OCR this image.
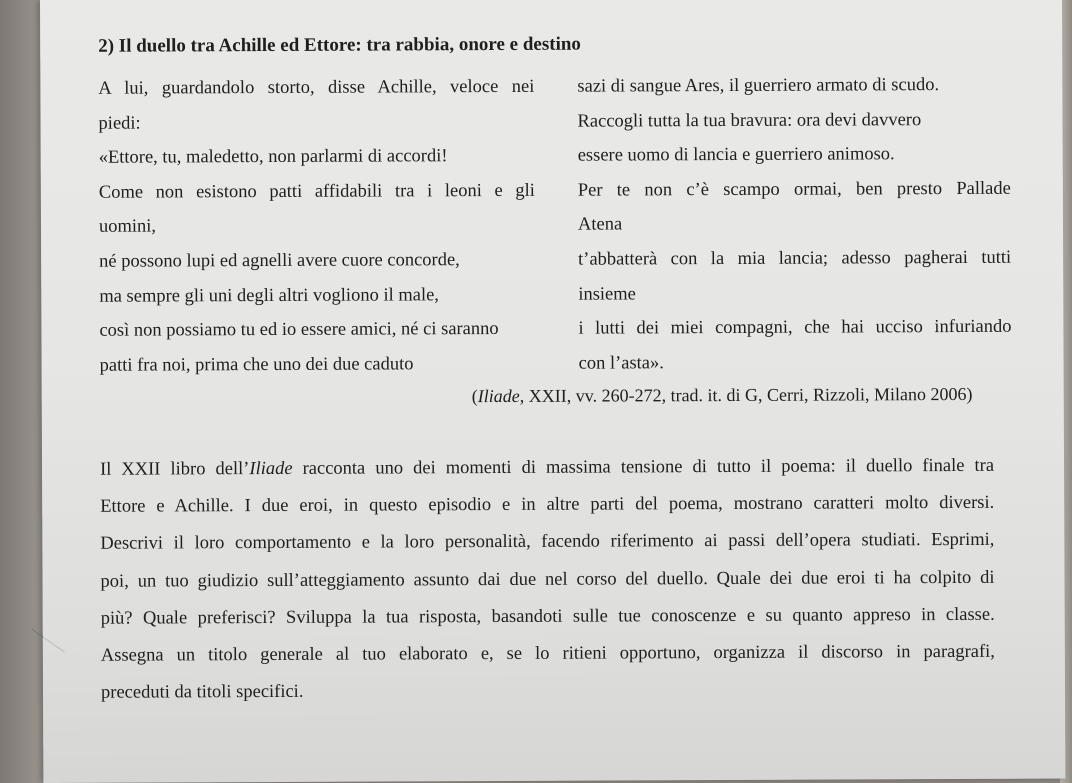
2) Il duello tra Achille ed Ettore: tra rabbia, onore e destino
A lui, guardandolo storto, disse Achille, veloce nei
piedi:
«Ettore, tu, maledetto, non parlarmi di accordi!
Come non esistono patti affidabili tra i leoni e gli
uomini,
né possono lupi ed agnelli avere cuore concorde,
ma sempre gli uni degli altri vogliono il male,
così non possiamo tu ed io essere amici, né ci saranno
patti fra noi, prima che uno dei due caduto
sazi di sangue Ares, il guerriero armato di scudo.
Raccogli tutta la tua bravura: ora devi davvero
essere uomo di lancia e guerriero animoso.
Per te non c’è scampo ormai, ben presto Pallade
Atena
t’abbatterà con la mia lancia; adesso pagherai tutti
insieme
i lutti dei miei compagni, che hai ucciso infuriando
con l’asta».
(Iliade, XXII, vv. 260-272, trad. it. di G, Cerri, Rizzoli, Milano 2006)
Il XXII libro dell’Iliade racconta uno dei momenti di massima tensione di tutto il poema: il duello finale tra
Ettore e Achille. I due eroi, in questo episodio e in altre parti del poema, mostrano caratteri molto diversi.
Descrivi il loro comportamento e la loro personalità, facendo riferimento ai passi dell’opera studiati. Esprimi,
poi, un tuo giudizio sull’atteggiamento assunto dai due nel corso del duello. Quale dei due eroi ti ha colpito di
più? Quale preferisci? Sviluppa la tua risposta, basandoti sulle tue conoscenze e su quanto appreso in classe.
Assegna un titolo generale al tuo elaborato e, se lo ritieni opportuno, organizza il discorso in paragrafi,
preceduti da titoli specifici.
